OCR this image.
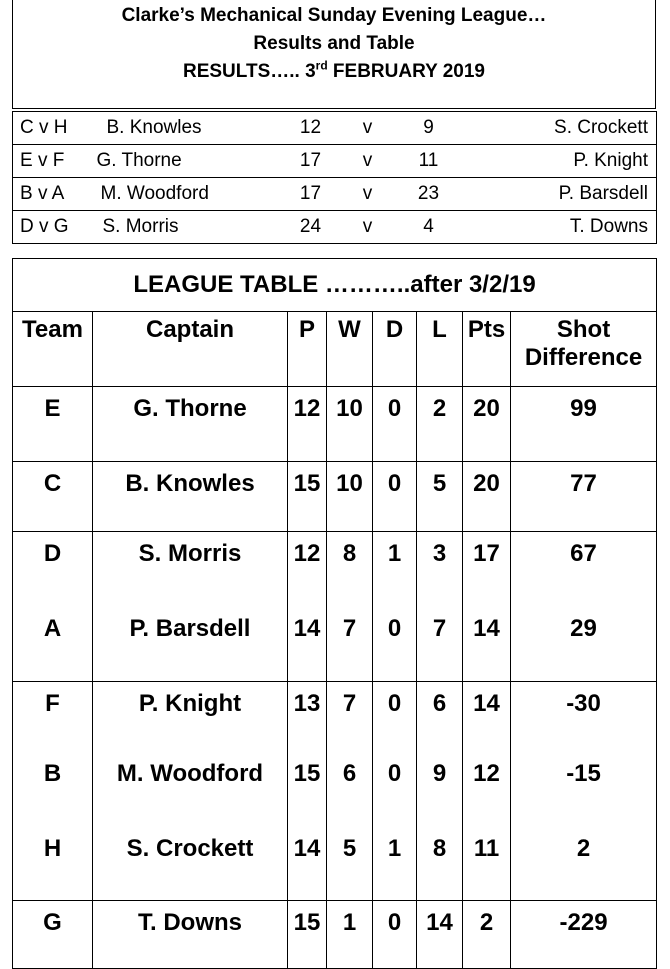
Clarke’s Mechanical Sunday Evening League…
Results and Table
RESULTS….. 3rd FEBRUARY 2019
C v H	B. Knowles	12	v	9	S. Crockett
E v F	G. Thorne	17	v	11	P. Knight
B v A	M. Woodford	17	v	23	P. Barsdell
D v G	S. Morris	24	v	4	T. Downs
LEAGUE TABLE ………..after 3/2/19							
Team	Captain	P	W	D	L	Pts	Shot
Difference

E	G. Thorne	12	10	0	2	20	99
C	B. Knowles	15	10	0	5	20	77
D	S. Morris	12	8	1	3	17	67
A	P. Barsdell	14	7	0	7	14	29
F	P. Knight	13	7	0	6	14	-30
B	M. Woodford	15	6	0	9	12	-15
H	S. Crockett	14	5	1	8	11	2
G	T. Downs	15	1	0	14	2	-229
